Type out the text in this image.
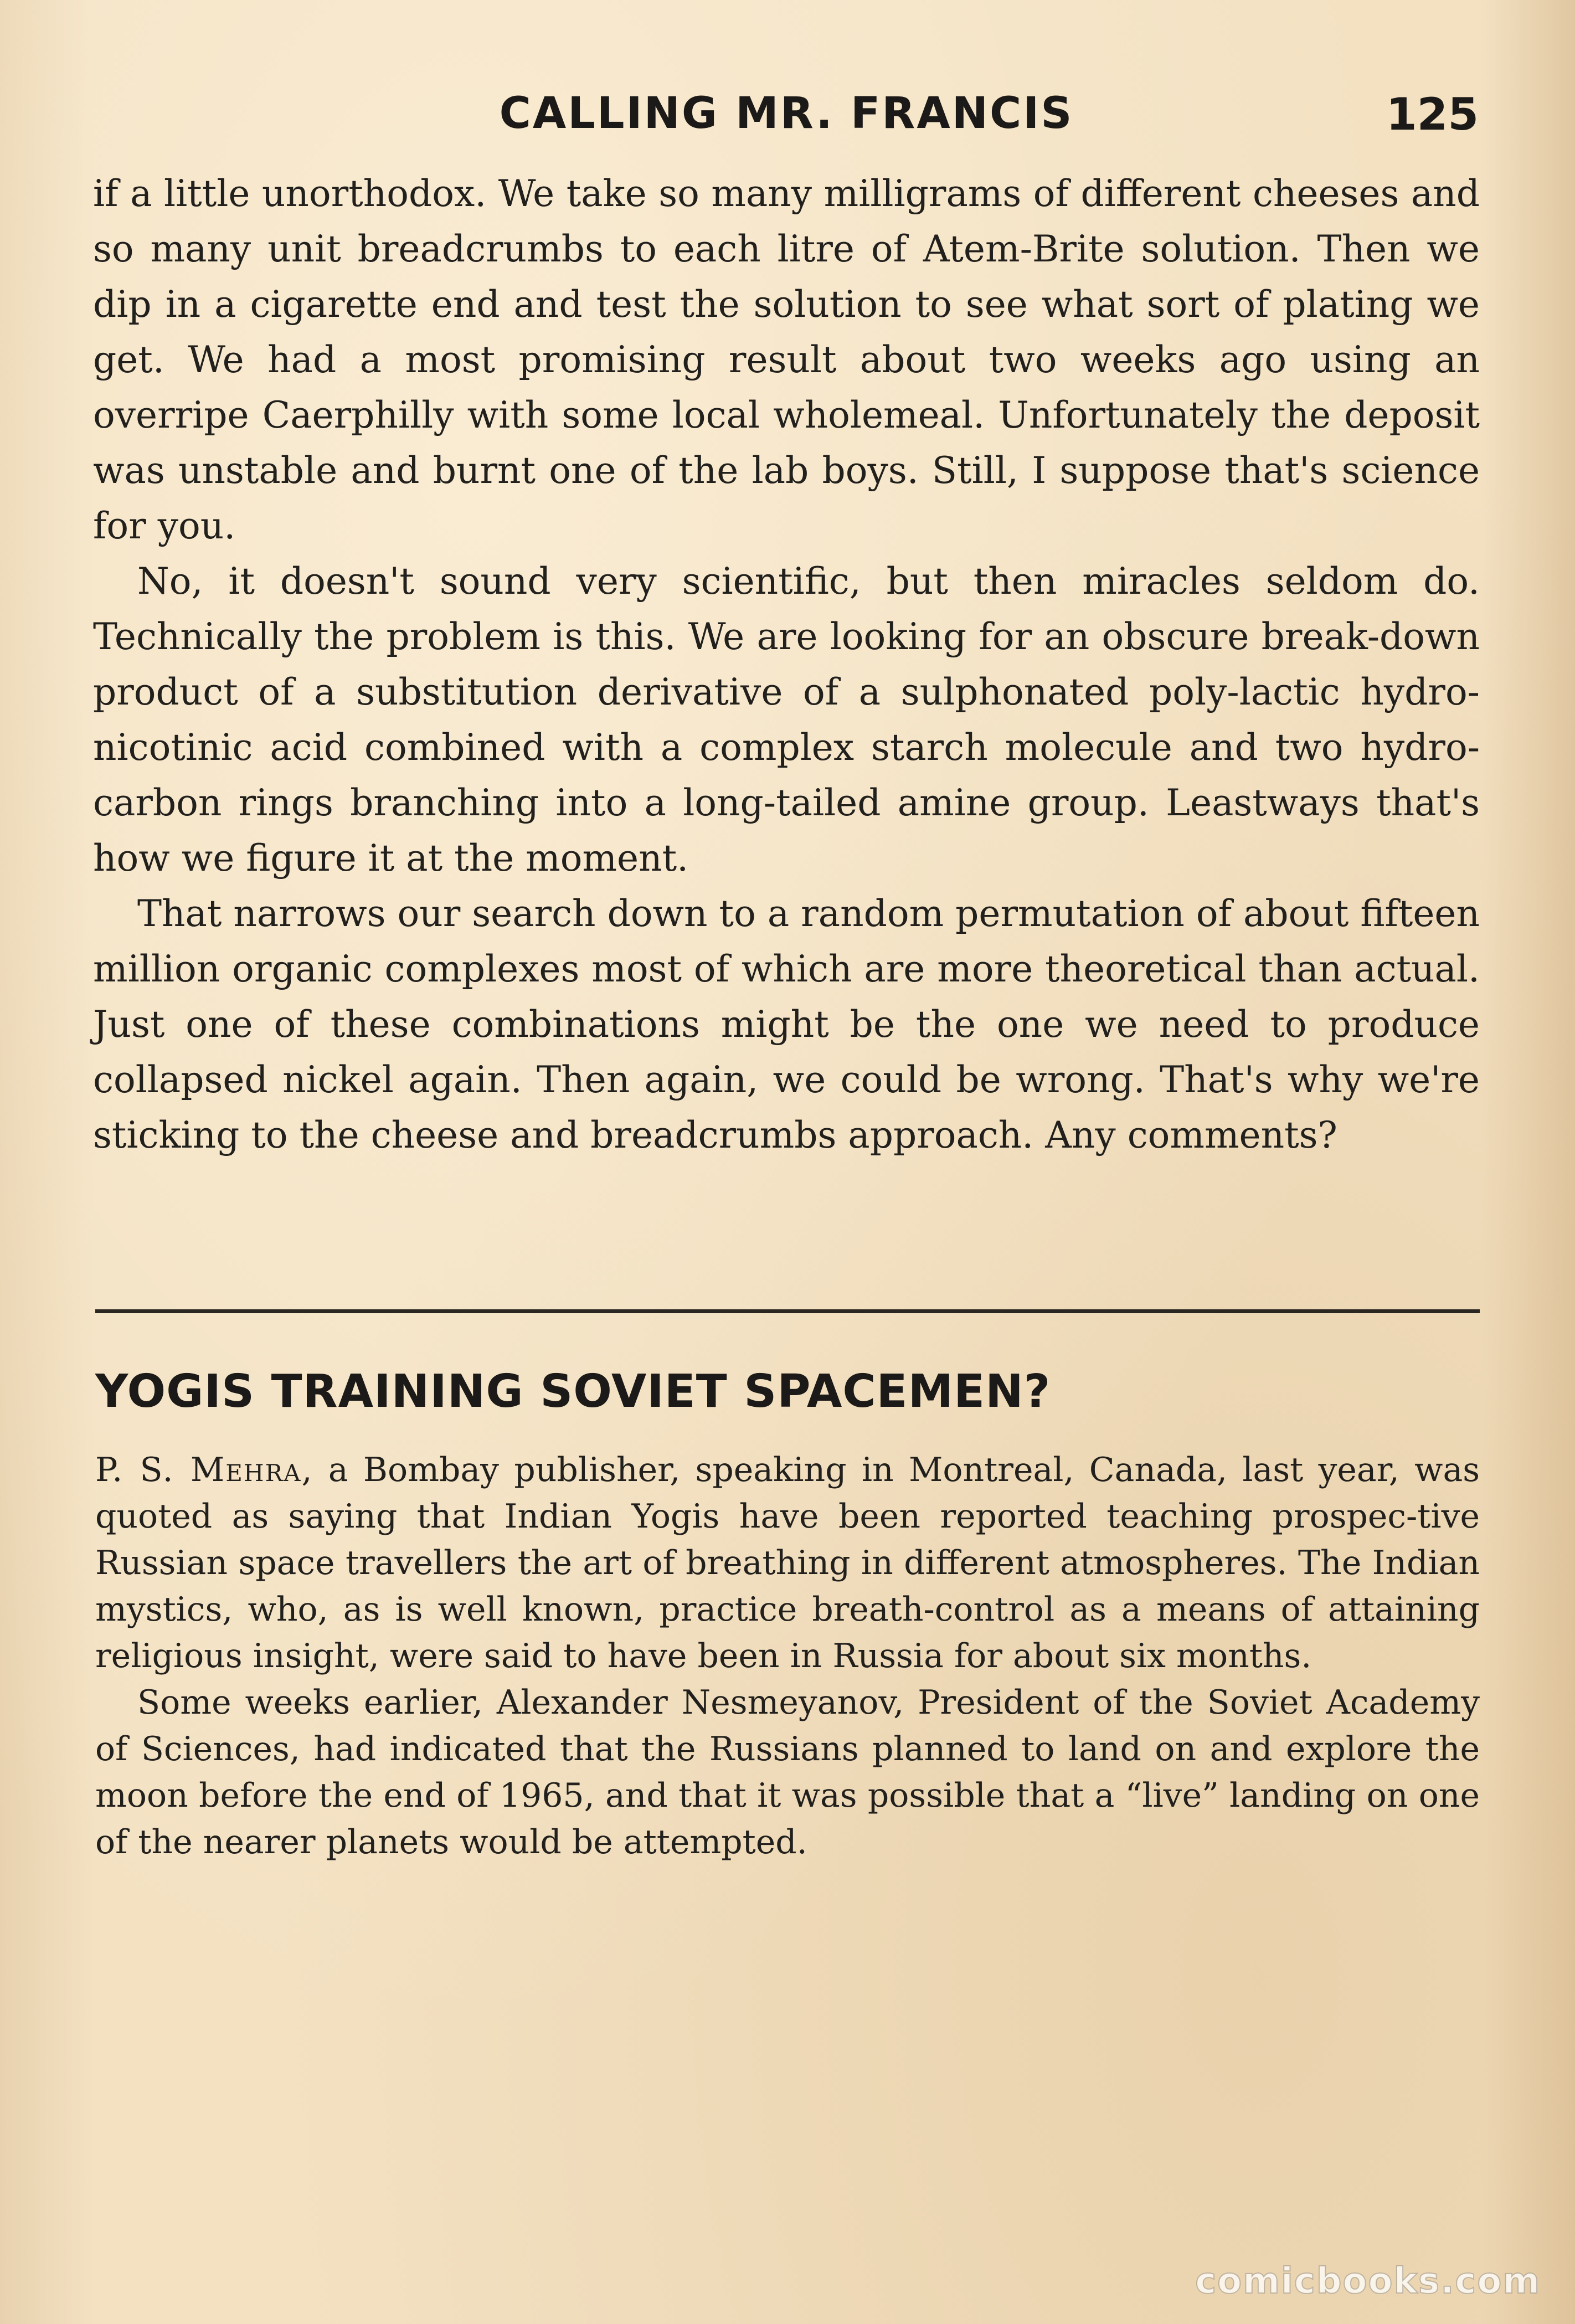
CALLING MR. FRANCIS	125

if a little unorthodox. We take so many milligrams of different cheeses and so many unit breadcrumbs to each litre of Atem-Brite solution. Then we dip in a cigarette end and test the solution to see what sort of plating we get. We had a most promising result about two weeks ago using an overripe Caerphilly with some local wholemeal. Unfortunately the deposit was unstable and burnt one of the lab boys. Still, I suppose that's science for you.

No, it doesn't sound very scientific, but then miracles seldom do. Technically the problem is this. We are looking for an obscure break-down product of a substitution derivative of a sulphonated poly-lactic hydro-nicotinic acid combined with a complex starch molecule and two hydro-carbon rings branching into a long-tailed amine group. Leastways that's how we figure it at the moment.

That narrows our search down to a random permutation of about fifteen million organic complexes most of which are more theoretical than actual. Just one of these combinations might be the one we need to produce collapsed nickel again. Then again, we could be wrong. That's why we're sticking to the cheese and breadcrumbs approach. Any comments?

YOGIS TRAINING SOVIET SPACEMEN?

P. S. Mehra, a Bombay publisher, speaking in Montreal, Canada, last year, was quoted as saying that Indian Yogis have been reported teaching prospec-tive Russian space travellers the art of breathing in different atmospheres. The Indian mystics, who, as is well known, practice breath-control as a means of attaining religious insight, were said to have been in Russia for about six months.

Some weeks earlier, Alexander Nesmeyanov, President of the Soviet Academy of Sciences, had indicated that the Russians planned to land on and explore the moon before the end of 1965, and that it was possible that a “live” landing on one of the nearer planets would be attempted.

comicbooks.com
